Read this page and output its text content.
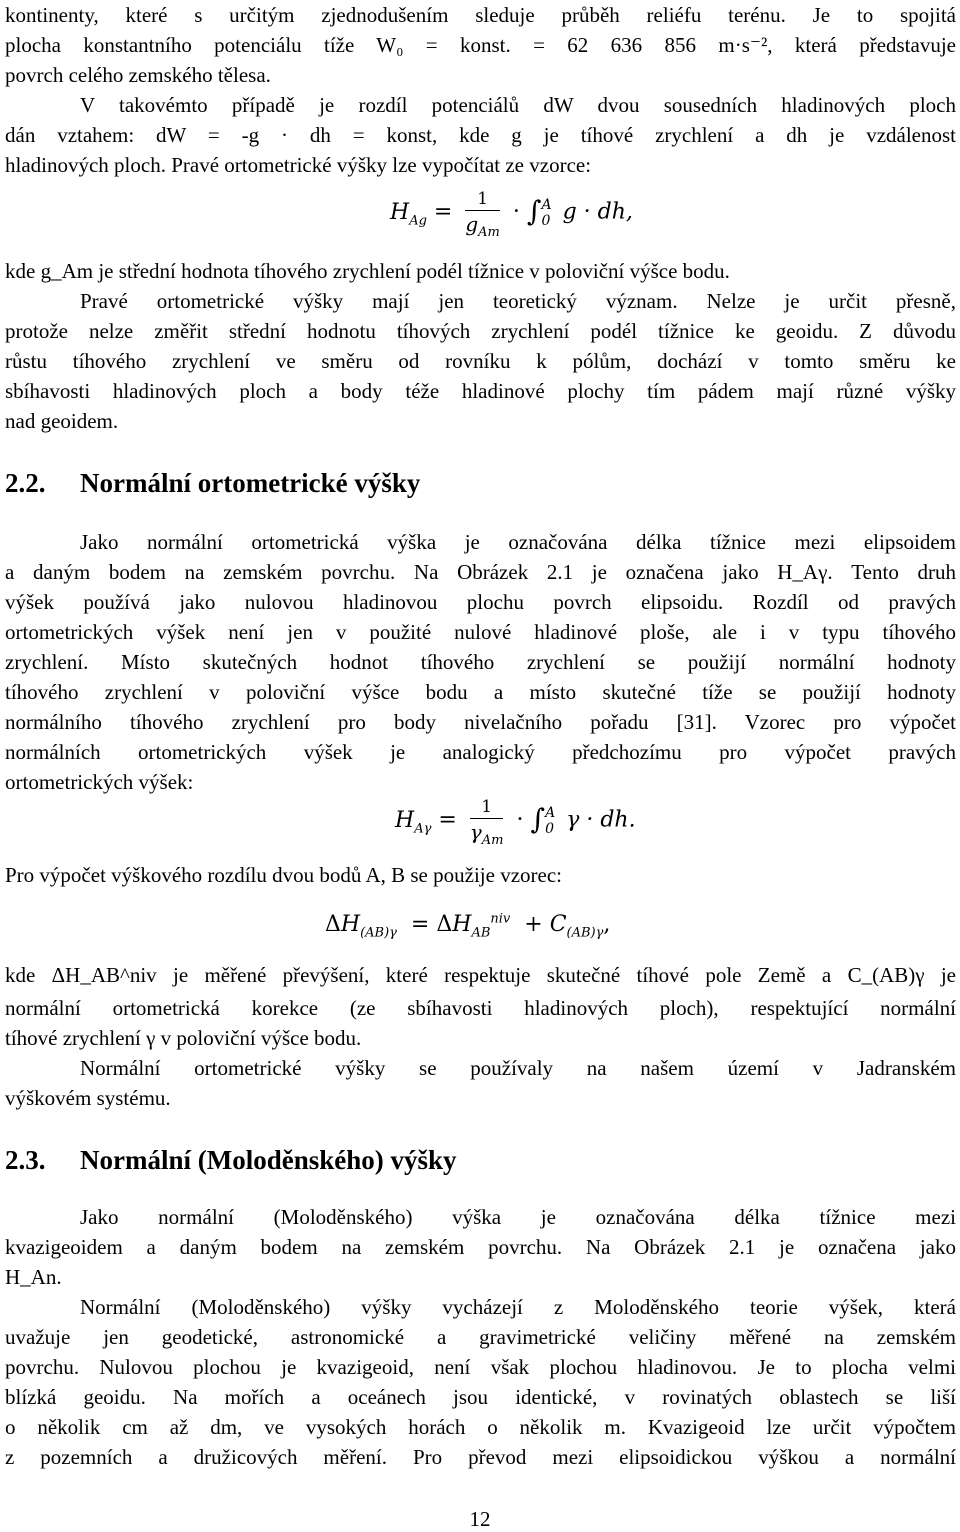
kontinenty, které s určitým zjednodušením sleduje průběh reliéfu terénu. Je to spojitá
plocha konstantního potenciálu tíže W₀ = konst. = 62 636 856 m·s⁻², která představuje
povrch celého zemského tělesa.
V takovémto případě je rozdíl potenciálů dW dvou sousedních hladinových ploch
dán vztahem: dW = -g · dh = konst, kde g je tíhové zrychlení a dh je vzdálenost
hladinových ploch. Pravé ortometrické výšky lze vypočítat ze vzorce:
$H_{Ag} = \frac{1}{g_{Am}}$ · ∫ A
0 g · dh,
kde g_Am je střední hodnota tíhového zrychlení podél tížnice v poloviční výšce bodu.
Pravé ortometrické výšky mají jen teoretický význam. Nelze je určit přesně,
protože nelze změřit střední hodnotu tíhových zrychlení podél tížnice ke geoidu. Z důvodu
růstu tíhového zrychlení ve směru od rovníku k pólům, dochází v tomto směru ke
sbíhavosti hladinových ploch a body téže hladinové plochy tím pádem mají různé výšky
nad geoidem.
2.2. Normální ortometrické výšky
Jako normální ortometrická výška je označována délka tížnice mezi elipsoidem
a daným bodem na zemském povrchu. Na Obrázek 2.1 je označena jako H_Aγ. Tento druh
výšek používá jako nulovou hladinovou plochu povrch elipsoidu. Rozdíl od pravých
ortometrických výšek není jen v použité nulové hladinové ploše, ale i v typu tíhového
zrychlení. Místo skutečných hodnot tíhového zrychlení se použijí normální hodnoty
tíhového zrychlení v poloviční výšce bodu a místo skutečné tíže se použijí hodnoty
normálního tíhového zrychlení pro body nivelačního pořadu [31]. Vzorec pro výpočet
normálních ortometrických výšek je analogický předchozímu pro výpočet pravých
ortometrických výšek:
$H_{A\gamma} = \frac{1}{\gamma_{Am}}$ · ∫ A
0 γ · dh.
Pro výpočet výškového rozdílu dvou bodů A, B se použije vzorec:
$\Delta H_{(AB)\gamma} = \Delta H_{AB}^{niv} + C_{(AB)\gamma}$,
kde ΔH_AB^niv je měřené převýšení, které respektuje skutečné tíhové pole Země a C_(AB)γ je
normální ortometrická korekce (ze sbíhavosti hladinových ploch), respektující normální
tíhové zrychlení γ v poloviční výšce bodu.
Normální ortometrické výšky se používaly na našem území v Jadranském
výškovém systému.
2.3. Normální (Moloděnského) výšky
Jako normální (Moloděnského) výška je označována délka tížnice mezi
kvazigeoidem a daným bodem na zemském povrchu. Na Obrázek 2.1 je označena jako
H_An.
Normální (Moloděnského) výšky vycházejí z Moloděnského teorie výšek, která
uvažuje jen geodetické, astronomické a gravimetrické veličiny měřené na zemském
povrchu. Nulovou plochou je kvazigeoid, není však plochou hladinovou. Je to plocha velmi
blízká geoidu. Na mořích a oceánech jsou identické, v rovinatých oblastech se liší
o několik cm až dm, ve vysokých horách o několik m. Kvazigeoid lze určit výpočtem
z pozemních a družicových měření. Pro převod mezi elipsoidickou výškou a normální
12
